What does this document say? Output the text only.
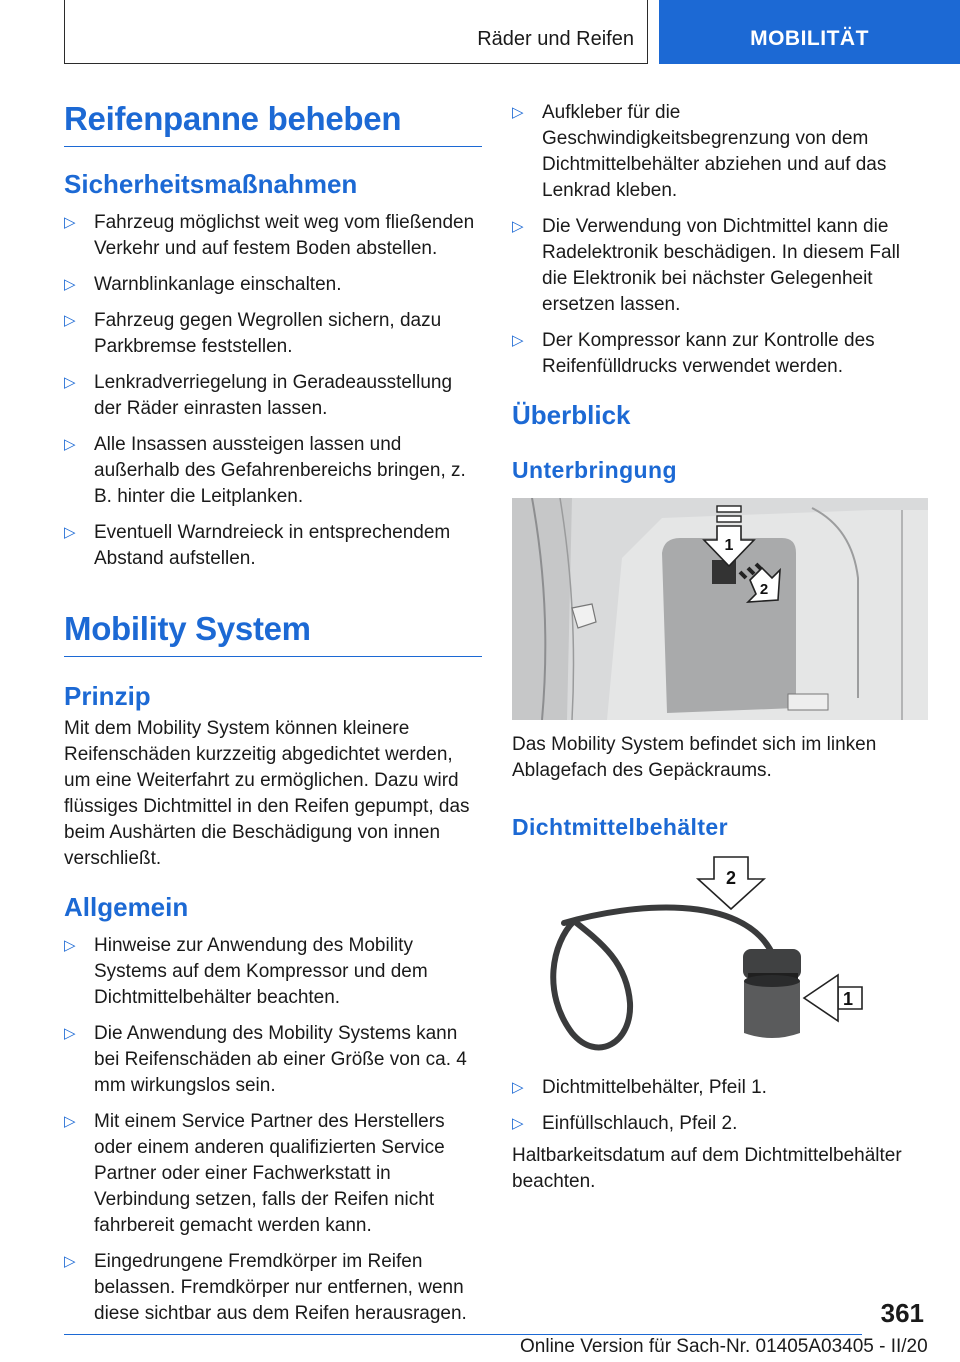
Räder und Reifen	MOBILITÄT
Reifenpanne beheben
Sicherheitsmaßnahmen
▷ Fahrzeug möglichst weit weg vom fließenden Verkehr und auf festem Boden abstellen.
▷ Warnblinkanlage einschalten.
▷ Fahrzeug gegen Wegrollen sichern, dazu Parkbremse feststellen.
▷ Lenkradverriegelung in Geradeausstellung der Räder einrasten lassen.
▷ Alle Insassen aussteigen lassen und außerhalb des Gefahrenbereichs bringen, z. B. hinter die Leitplanken.
▷ Eventuell Warndreieck in entsprechendem Abstand aufstellen.
Mobility System
Prinzip

Mit dem Mobility System können kleinere Reifenschäden kurzzeitig abgedichtet werden, um eine Weiterfahrt zu ermöglichen. Dazu wird flüssiges Dichtmittel in den Reifen gepumpt, das beim Aushärten die Beschädigung von innen verschließt.

Allgemein
▷ Hinweise zur Anwendung des Mobility Systems auf dem Kompressor und dem Dichtmittelbehälter beachten.
▷ Die Anwendung des Mobility Systems kann bei Reifenschäden ab einer Größe von ca. 4 mm wirkungslos sein.
▷ Mit einem Service Partner des Herstellers oder einem anderen qualifizierten Service Partner oder einer Fachwerkstatt in Verbindung setzen, falls der Reifen nicht fahrbereit gemacht werden kann.
▷ Eingedrungene Fremdkörper im Reifen belassen. Fremdkörper nur entfernen, wenn diese sichtbar aus dem Reifen herausragen.
▷ Aufkleber für die Geschwindigkeitsbegrenzung von dem Dichtmittelbehälter abziehen und auf das Lenkrad kleben.
▷ Die Verwendung von Dichtmittel kann die Radelektronik beschädigen. In diesem Fall die Elektronik bei nächster Gelegenheit ersetzen lassen.
▷ Der Kompressor kann zur Kontrolle des Reifenfülldrucks verwendet werden.
Überblick
Unterbringung
1
2

Das Mobility System befindet sich im linken Ablagefach des Gepäckraums.

Dichtmittelbehälter
2
1
▷ Dichtmittelbehälter, Pfeil 1.
▷ Einfüllschlauch, Pfeil 2.

Haltbarkeitsdatum auf dem Dichtmittelbehälter beachten.

361
Online Version für Sach-Nr. 01405A03405 - II/20
